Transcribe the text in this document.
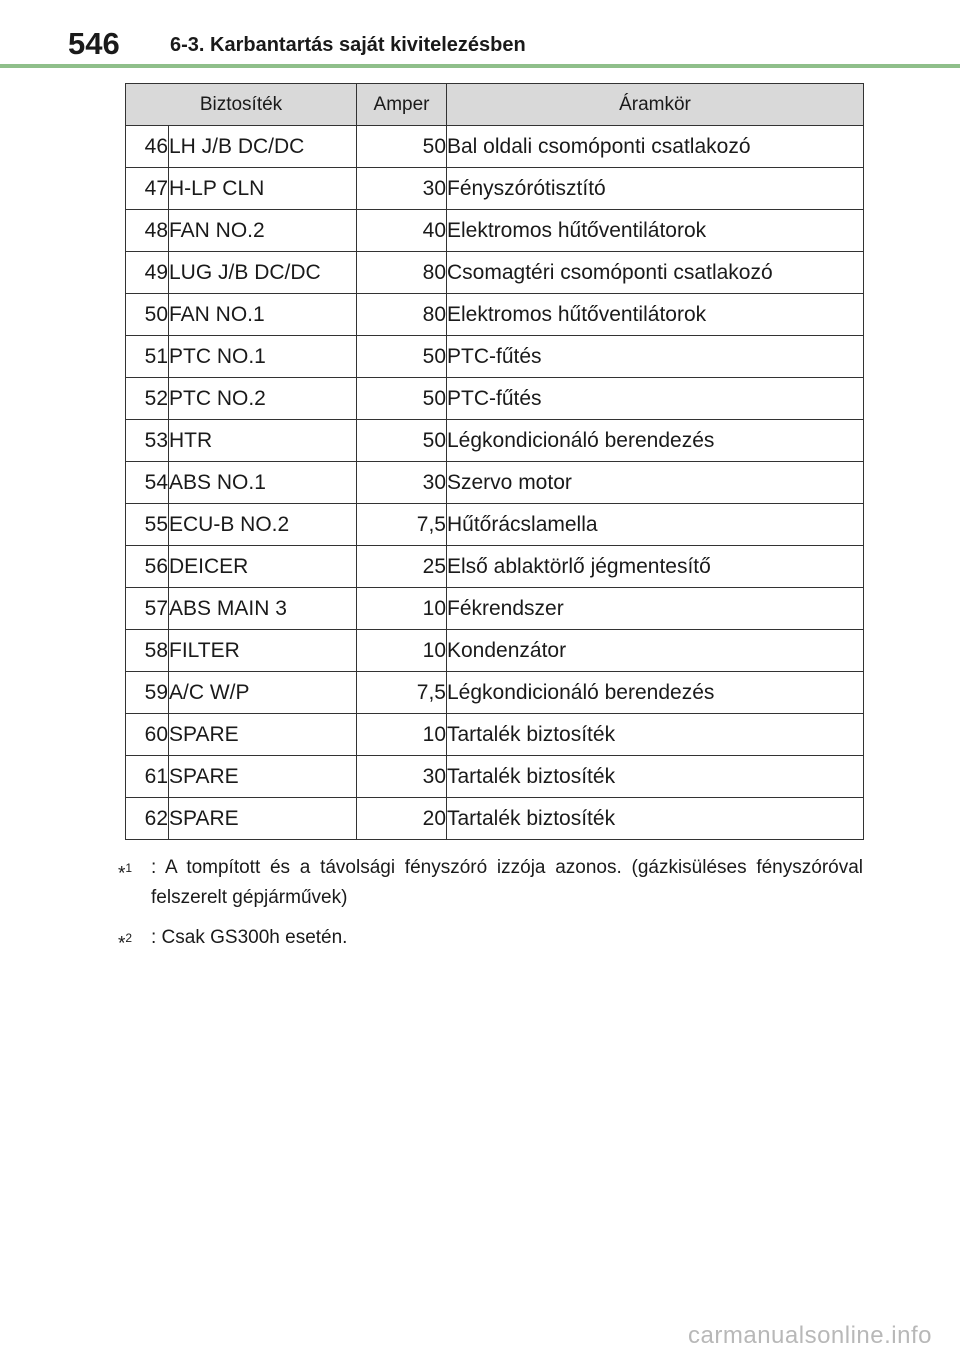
546	6-3. Karbantartás saját kivitelezésben
Biztosíték		Amper	Áramkör
46	LH J/B DC/DC	50	Bal oldali csomóponti csatlakozó
47	H-LP CLN	30	Fényszórótisztító
48	FAN NO.2	40	Elektromos hűtőventilátorok
49	LUG J/B DC/DC	80	Csomagtéri csomóponti csatlakozó
50	FAN NO.1	80	Elektromos hűtőventilátorok
51	PTC NO.1	50	PTC-fűtés
52	PTC NO.2	50	PTC-fűtés
53	HTR	50	Légkondicionáló berendezés
54	ABS NO.1	30	Szervo motor
55	ECU-B NO.2	7,5	Hűtőrácslamella
56	DEICER	25	Első ablaktörlő jégmentesítő
57	ABS MAIN 3	10	Fékrendszer
58	FILTER	10	Kondenzátor
59	A/C W/P	7,5	Légkondicionáló berendezés
60	SPARE	10	Tartalék biztosíték
61	SPARE	30	Tartalék biztosíték
62	SPARE	20	Tartalék biztosíték
*$^1$ : A tompított és a távolsági fényszóró izzója azonos. (gázkisüléses fényszóróval felszerelt gépjárművek)
*$^2$ : Csak GS300h esetén.
carmanualsonline.info
